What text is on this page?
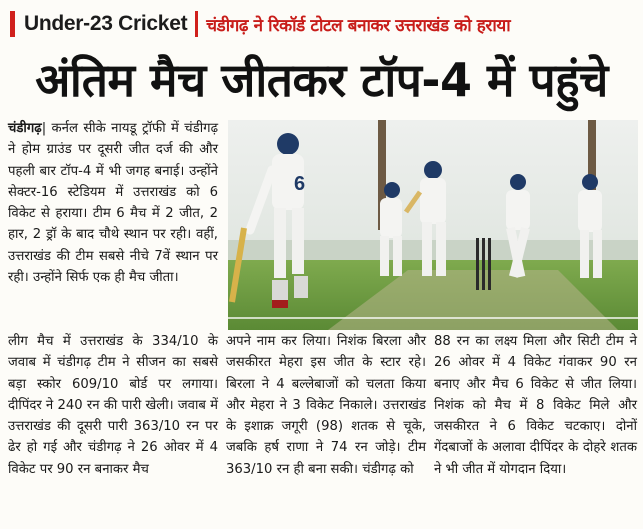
Under-23 Cricket चंडीगढ़ ने रिकॉर्ड टोटल बनाकर उत्तराखंड को हराया
अंतिम मैच जीतकर टॉप-4 में पहुंचे

चंडीगढ़| कर्नल सीके नायडू ट्रॉफी में चंडीगढ़ ने होम ग्राउंड पर दूसरी जीत दर्ज की और पहली बार टॉप-4 में भी जगह बनाई। उन्होंने सेक्टर-16 स्टेडियम में उत्तराखंड को 6 विकेट से हराया। टीम 6 मैच में 2 जीत, 2 हार, 2 ड्रॉ के बाद चौथे स्थान पर रही। वहीं, उत्तराखंड की टीम सबसे नीचे 7वें स्थान पर रही। उन्होंने सिर्फ एक ही मैच जीता।

6

लीग मैच में उत्तराखंड के 334/10 के जवाब में चंडीगढ़ टीम ने सीजन का सबसे बड़ा स्कोर 609/10 बोर्ड पर लगाया। दीपिंदर ने 240 रन की पारी खेली। जवाब में उत्तराखंड की दूसरी पारी 363/10 रन पर ढेर हो गई और चंडीगढ़ ने 26 ओवर में 4 विकेट पर 90 रन बनाकर मैच

अपने नाम कर लिया। निशंक बिरला और जसकीरत मेहरा इस जीत के स्टार रहे। बिरला ने 4 बल्लेबाजों को चलता किया और मेहरा ने 3 विकेट निकाले। उत्तराखंड के इशाक्र जगूरी (98) शतक से चूके, जबकि हर्ष राणा ने 74 रन जोड़े। टीम 363/10 रन ही बना सकी। चंडीगढ़ को

88 रन का लक्ष्य मिला और सिटी टीम ने 26 ओवर में 4 विकेट गंवाकर 90 रन बनाए और मैच 6 विकेट से जीत लिया। निशंक को मैच में 8 विकेट मिले और जसकीरत ने 6 विकेट चटकाए। दोनों गेंदबाजों के अलावा दीपिंदर के दोहरे शतक ने भी जीत में योगदान दिया।
